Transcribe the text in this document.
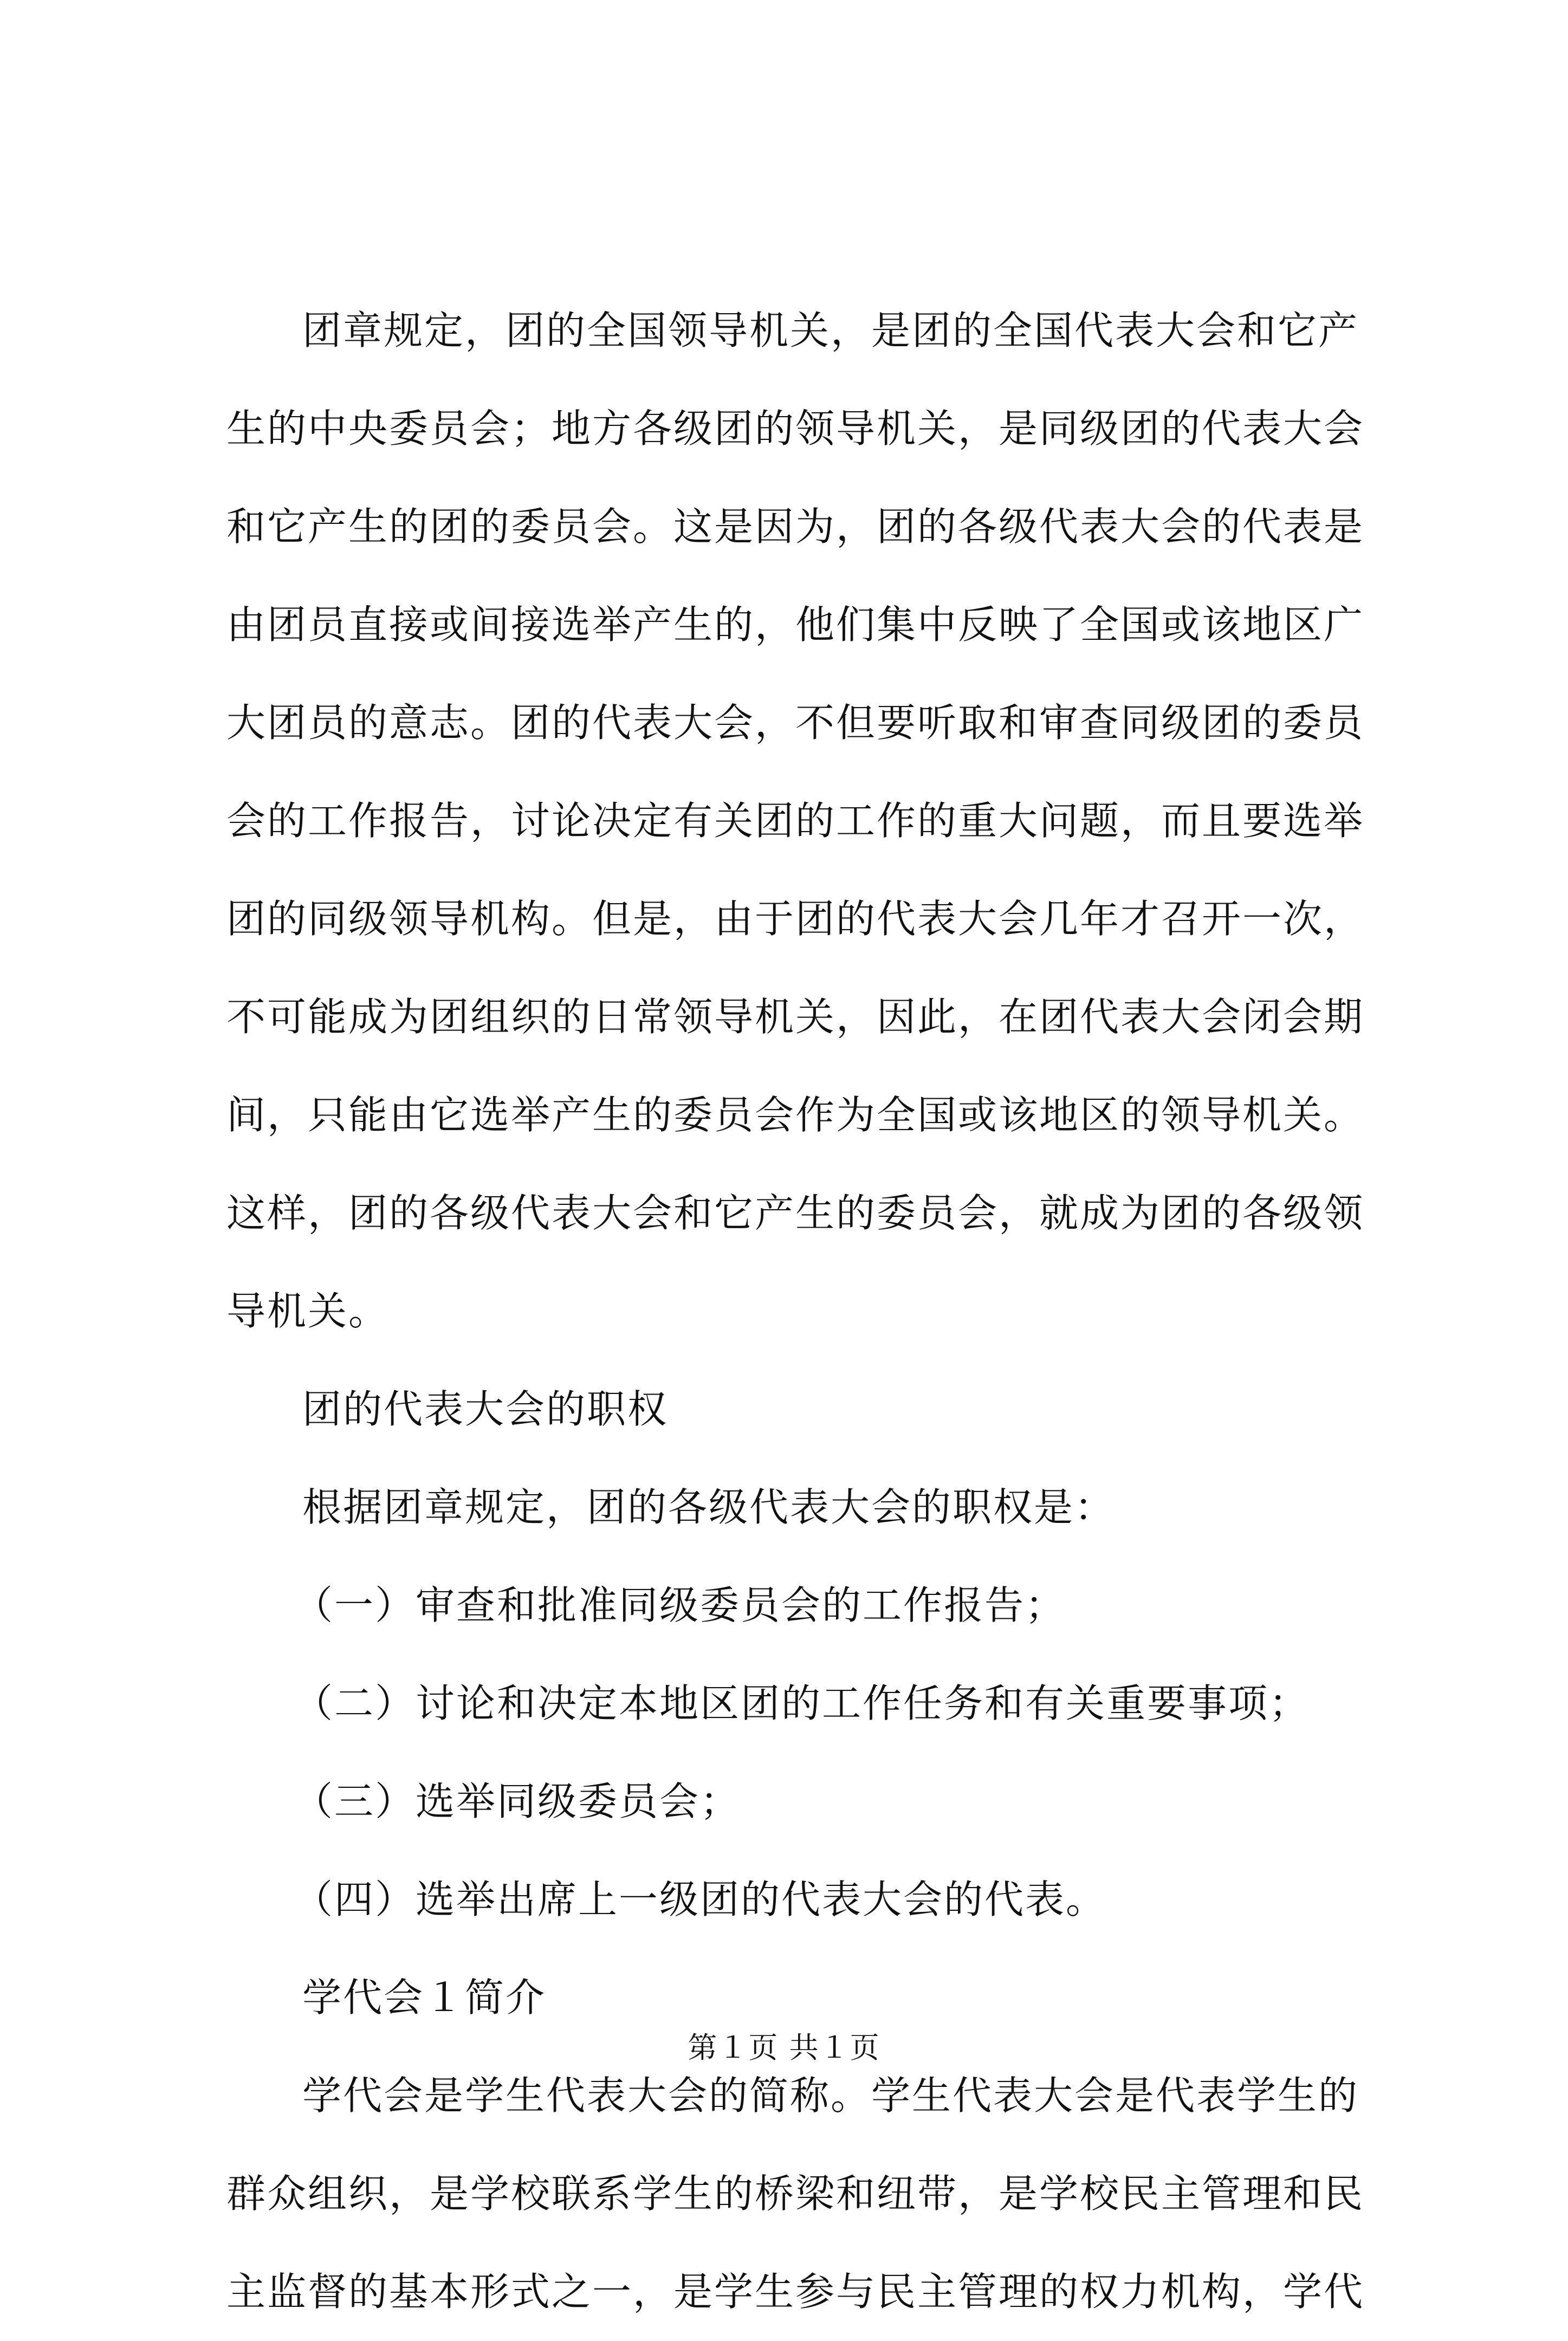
团章规定，团的全国领导机关，是团的全国代表大会和它产
生的中央委员会；地方各级团的领导机关，是同级团的代表大会
和它产生的团的委员会。这是因为，团的各级代表大会的代表是
由团员直接或间接选举产生的，他们集中反映了全国或该地区广
大团员的意志。团的代表大会，不但要听取和审查同级团的委员
会的工作报告，讨论决定有关团的工作的重大问题，而且要选举
团的同级领导机构。但是，由于团的代表大会几年才召开一次，
不可能成为团组织的日常领导机关，因此，在团代表大会闭会期
间，只能由它选举产生的委员会作为全国或该地区的领导机关。
这样，团的各级代表大会和它产生的委员会，就成为团的各级领
导机关。
团的代表大会的职权
根据团章规定，团的各级代表大会的职权是：
（一）审查和批准同级委员会的工作报告；
（二）讨论和决定本地区团的工作任务和有关重要事项；
（三）选举同级委员会；
（四）选举出席上一级团的代表大会的代表。
学代会１简介
学代会是学生代表大会的简称。学生代表大会是代表学生的
群众组织，是学校联系学生的桥梁和纽带，是学校民主管理和民
主监督的基本形式之一，是学生参与民主管理的权力机构，学代
第１页 共１页
